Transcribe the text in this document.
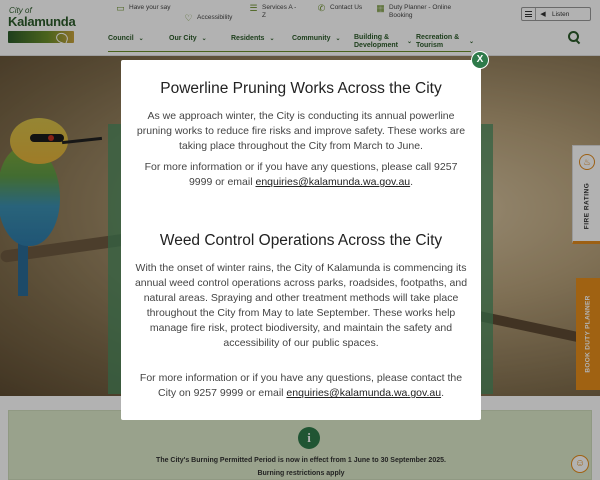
City of
Kalamunda
▭ Have your say
♡ Accessibility
☰ Services A - Z
✆ Contact Us ▦ Duty Planner - Online Booking	◀ Listen
Council ⌄	Our City ⌄	Residents ⌄	Community ⌄ Building & Development ⌄
Recreation & Tourism	⌄
♨
FIRE RATING
BOOK DUTY PLANNER
i
The City's Burning Permitted Period is now in effect from 1 June to 30 September 2025.
Burning restrictions apply
☺
Powerline Pruning Works Across the City
As we approach winter, the City is conducting its annual powerline pruning works to reduce fire risks and improve safety. These works are taking place throughout the City from March to June.
For more information or if you have any questions, please call 9257 9999 or email enquiries@kalamunda.wa.gov.au.
Weed Control Operations Across the City
With the onset of winter rains, the City of Kalamunda is commencing its annual weed control operations across parks, roadsides, footpaths, and natural areas. Spraying and other treatment methods will take place throughout the City from May to late September. These works help manage fire risk, protect biodiversity, and maintain the safety and accessibility of our public spaces.
For more information or if you have any questions, please contact the City on 9257 9999 or email enquiries@kalamunda.wa.gov.au.
X
